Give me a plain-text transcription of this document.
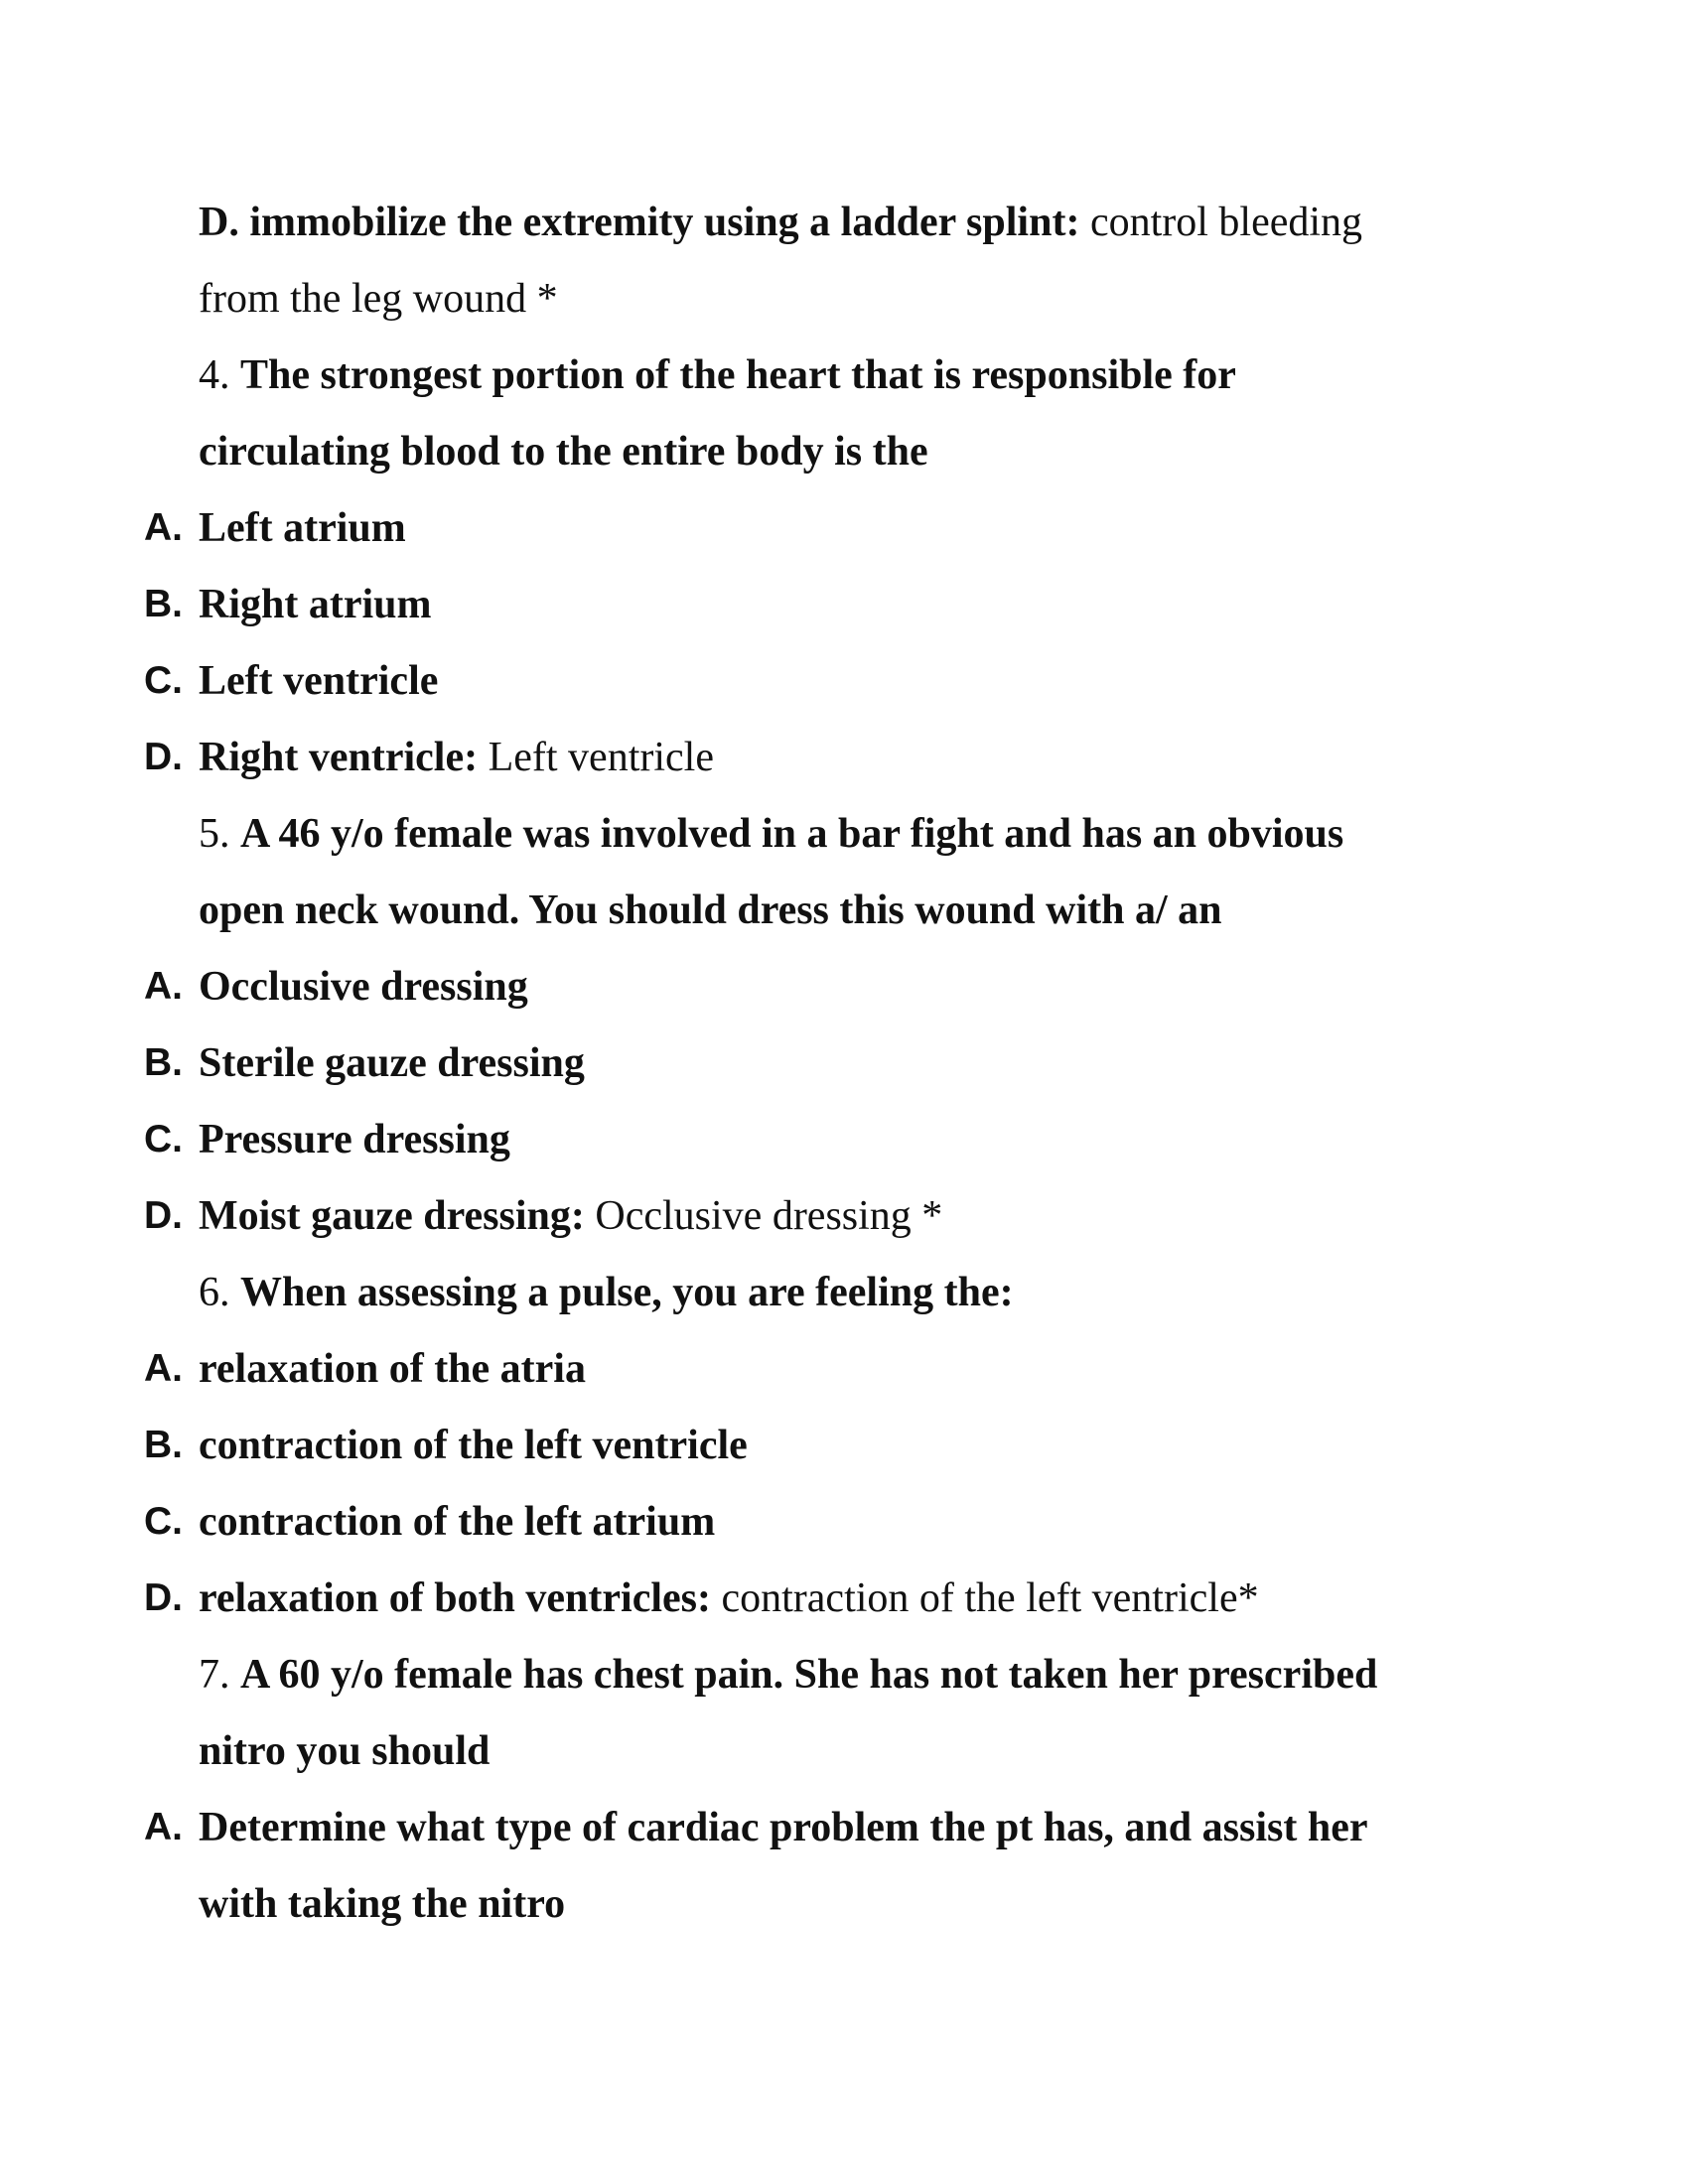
D. immobilize the extremity using a ladder splint: control bleeding
from the leg wound *
4. The strongest portion of the heart that is responsible for
circulating blood to the entire body is the
A. Left atrium
B. Right atrium
C. Left ventricle
D. Right ventricle: Left ventricle
5. A 46 y/o female was involved in a bar fight and has an obvious
open neck wound. You should dress this wound with a/ an
A. Occlusive dressing
B. Sterile gauze dressing
C. Pressure dressing
D. Moist gauze dressing: Occlusive dressing *
6. When assessing a pulse, you are feeling the:
A. relaxation of the atria
B. contraction of the left ventricle
C. contraction of the left atrium
D. relaxation of both ventricles: contraction of the left ventricle*
7. A 60 y/o female has chest pain. She has not taken her prescribed
nitro you should
A. Determine what type of cardiac problem the pt has, and assist her
with taking the nitro
